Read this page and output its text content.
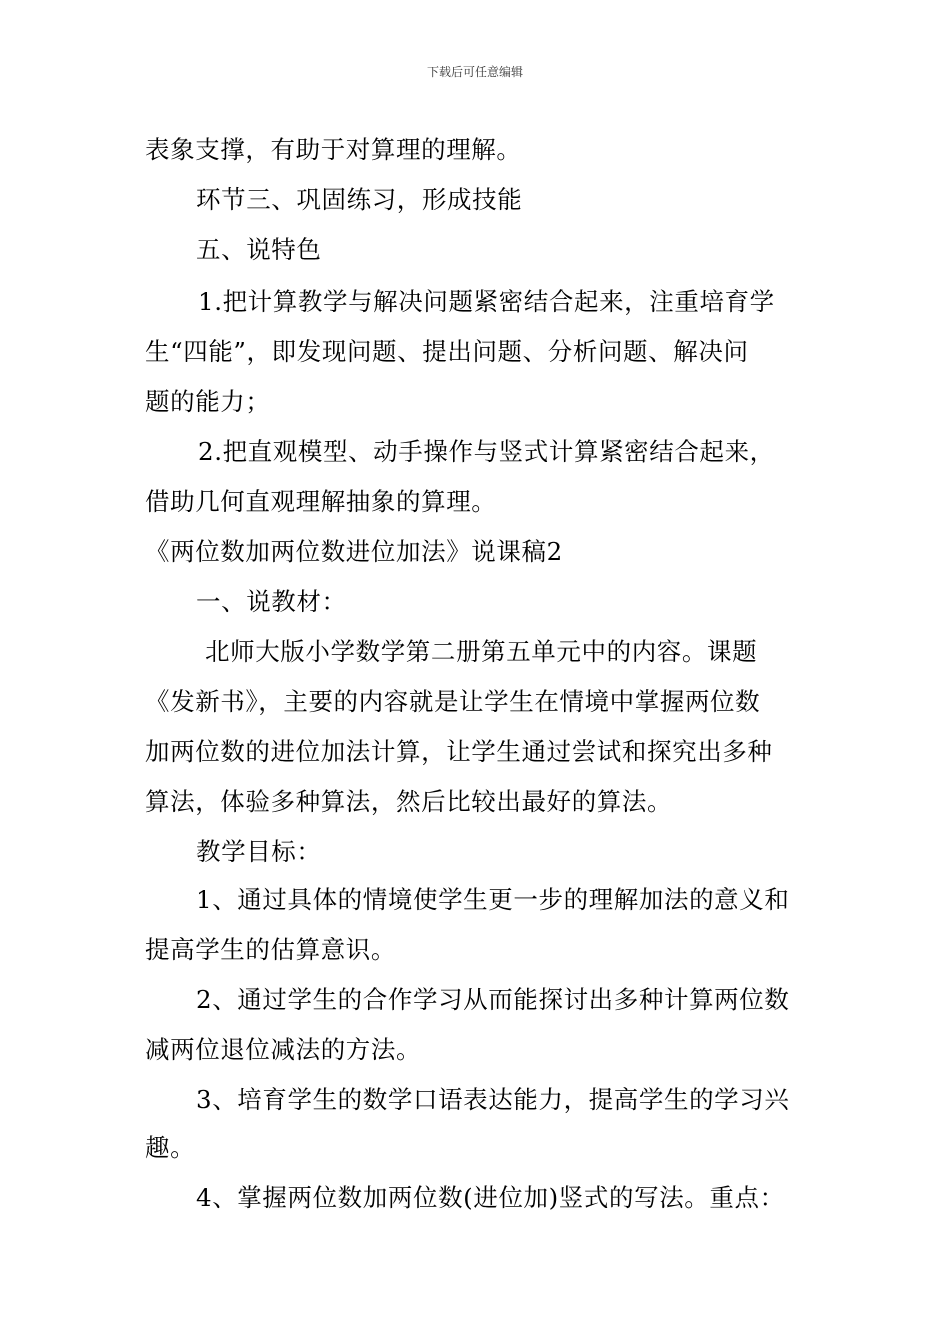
下载后可任意编辑
表象支撑，有助于对算理的理解。
环节三、巩固练习，形成技能
五、说特色
1.把计算教学与解决问题紧密结合起来，注重培育学
生“四能”，即发现问题、提出问题、分析问题、解决问
题的能力；
2.把直观模型、动手操作与竖式计算紧密结合起来，
借助几何直观理解抽象的算理。
《两位数加两位数进位加法》说课稿2
一、说教材：
北师大版小学数学第二册第五单元中的内容。课题
《发新书》，主要的内容就是让学生在情境中掌握两位数
加两位数的进位加法计算，让学生通过尝试和探究出多种
算法，体验多种算法，然后比较出最好的算法。
教学目标：
1、通过具体的情境使学生更一步的理解加法的意义和
提高学生的估算意识。
2、通过学生的合作学习从而能探讨出多种计算两位数
减两位退位减法的方法。
3、培育学生的数学口语表达能力，提高学生的学习兴
趣。
4、掌握两位数加两位数(进位加)竖式的写法。重点：
